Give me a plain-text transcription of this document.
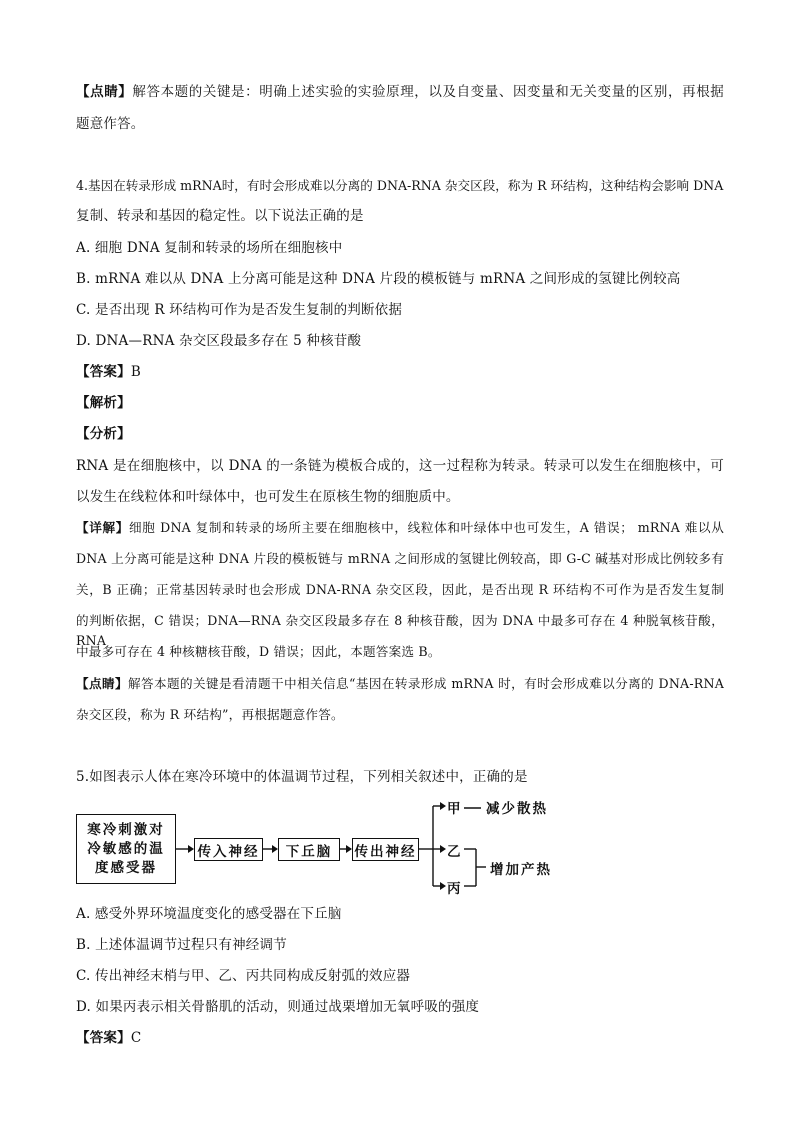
【点睛】解答本题的关键是：明确上述实验的实验原理，以及自变量、因变量和无关变量的区别，再根据
题意作答。
4.基因在转录形成 mRNA时，有时会形成难以分离的 DNA-RNA 杂交区段，称为 R 环结构，这种结构会影响 DNA
复制、转录和基因的稳定性。以下说法正确的是
A. 细胞 DNA 复制和转录的场所在细胞核中
B. mRNA 难以从 DNA 上分离可能是这种 DNA 片段的模板链与 mRNA 之间形成的氢键比例较高
C. 是否出现 R 环结构可作为是否发生复制的判断依据
D. DNA—RNA 杂交区段最多存在 5 种核苷酸
【答案】B
【解析】
【分析】
RNA 是在细胞核中，以 DNA 的一条链为模板合成的，这一过程称为转录。转录可以发生在细胞核中，可
以发生在线粒体和叶绿体中，也可发生在原核生物的细胞质中。
【详解】细胞 DNA 复制和转录的场所主要在细胞核中，线粒体和叶绿体中也可发生，A 错误； mRNA 难以从
DNA 上分离可能是这种 DNA 片段的模板链与 mRNA 之间形成的氢键比例较高，即 G-C 碱基对形成比例较多有
关，B 正确；正常基因转录时也会形成 DNA-RNA 杂交区段，因此，是否出现 R 环结构不可作为是否发生复制
的判断依据，C 错误；DNA—RNA 杂交区段最多存在 8 种核苷酸，因为 DNA 中最多可存在 4 种脱氧核苷酸，RNA
中最多可存在 4 种核糖核苷酸，D 错误；因此，本题答案选 B。
【点睛】解答本题的关键是看清题干中相关信息“基因在转录形成 mRNA 时，有时会形成难以分离的 DNA-RNA
杂交区段，称为 R 环结构”，再根据题意作答。
5.如图表示人体在寒冷环境中的体温调节过程，下列相关叙述中，正确的是
寒冷刺激对
冷敏感的温
度感受器
传入神经	下丘脑	传出神经
甲 减少散热
乙
丙
增加产热
A. 感受外界环境温度变化的感受器在下丘脑
B. 上述体温调节过程只有神经调节
C. 传出神经末梢与甲、乙、丙共同构成反射弧的效应器
D. 如果丙表示相关骨骼肌的活动，则通过战栗增加无氧呼吸的强度
【答案】C
